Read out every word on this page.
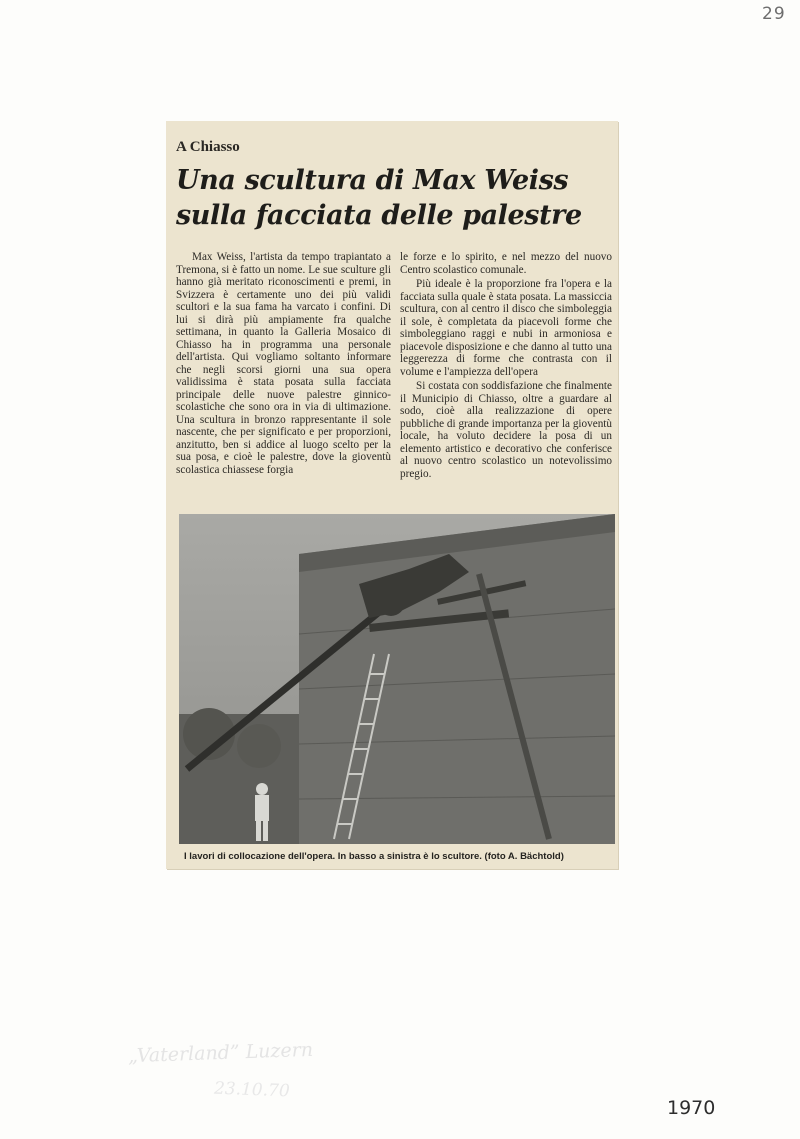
29
A Chiasso
Una scultura di Max Weiss sulla facciata delle palestre

Max Weiss, l'artista da tempo trapiantato a Tremona, si è fatto un nome. Le sue sculture gli hanno già meritato riconoscimenti e premi, in Svizzera è certamente uno dei più validi scultori e la sua fama ha varcato i confini. Di lui si dirà più ampiamente fra qualche settimana, in quanto la Galleria Mosaico di Chiasso ha in programma una personale dell'artista. Qui vogliamo soltanto informare che negli scorsi giorni una sua opera validissima è stata posata sulla facciata principale delle nuove palestre ginnico-scolastiche che sono ora in via di ultimazione. Una scultura in bronzo rappresentante il sole nascente, che per significato e per proporzioni, anzitutto, ben si addice al luogo scelto per la sua posa, e cioè le palestre, dove la gioventù scolastica chiassese forgia

le forze e lo spirito, e nel mezzo del nuovo Centro scolastico comunale.

Più ideale è la proporzione fra l'opera e la facciata sulla quale è stata posata. La massiccia scultura, con al centro il disco che simboleggia il sole, è completata da piacevoli forme che simboleggiano raggi e nubi in armoniosa e piacevole disposizione e che danno al tutto una leggerezza di forme che contrasta con il volume e l'ampiezza dell'opera

Si costata con soddisfazione che finalmente il Municipio di Chiasso, oltre a guardare al sodo, cioè alla realizzazione di opere pubbliche di grande importanza per la gioventù locale, ha voluto decidere la posa di un elemento artistico e decorativo che conferisce al nuovo centro scolastico un notevolissimo pregio.

I lavori di collocazione dell'opera. In basso a sinistra è lo scultore. (foto A. Bächtold)
„Vaterland” Luzern
23.10.70
1970
